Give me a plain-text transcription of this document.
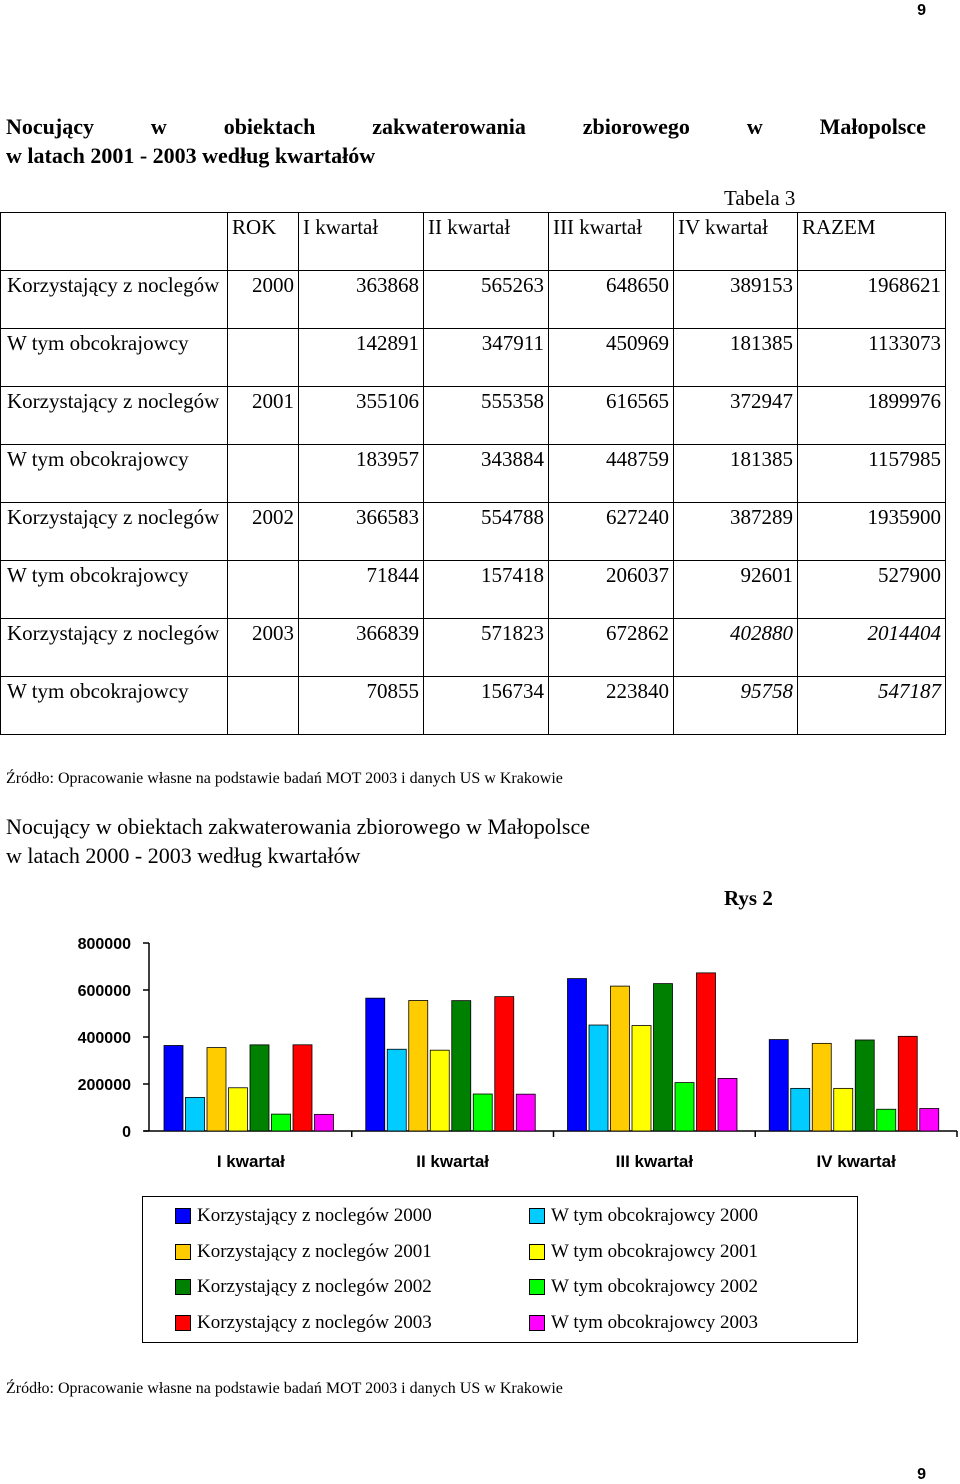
9
Nocujący	w	obiektach	zakwaterowania	zbiorowego	w	Małopolsce
w latach 2001 - 2003 według kwartałów
Tabela 3
	ROK	I kwartał	II kwartał	III kwartał	IV kwartał	RAZEM
Korzystający z noclegów	2000	363868	565263	648650	389153	1968621
W tym obcokrajowcy		142891	347911	450969	181385	1133073
Korzystający z noclegów	2001	355106	555358	616565	372947	1899976
W tym obcokrajowcy		183957	343884	448759	181385	1157985
Korzystający z noclegów	2002	366583	554788	627240	387289	1935900
W tym obcokrajowcy		71844	157418	206037	92601	527900
Korzystający z noclegów	2003	366839	571823	672862	402880	2014404
W tym obcokrajowcy		70855	156734	223840	95758	547187
Źródło: Opracowanie własne na podstawie badań MOT 2003 i danych US w Krakowie
Nocujący w obiektach zakwaterowania zbiorowego w Małopolsce
w latach 2000 - 2003 według kwartałów
Rys 2
800000
600000
400000
200000
0
I kwartał	II kwartał	III kwartał	IV kwartał
Korzystający z noclegów 2000
Korzystający z noclegów 2001
Korzystający z noclegów 2002
Korzystający z noclegów 2003
W tym obcokrajowcy 2000
W tym obcokrajowcy 2001
W tym obcokrajowcy 2002
W tym obcokrajowcy 2003
Źródło: Opracowanie własne na podstawie badań MOT 2003 i danych US w Krakowie
9
